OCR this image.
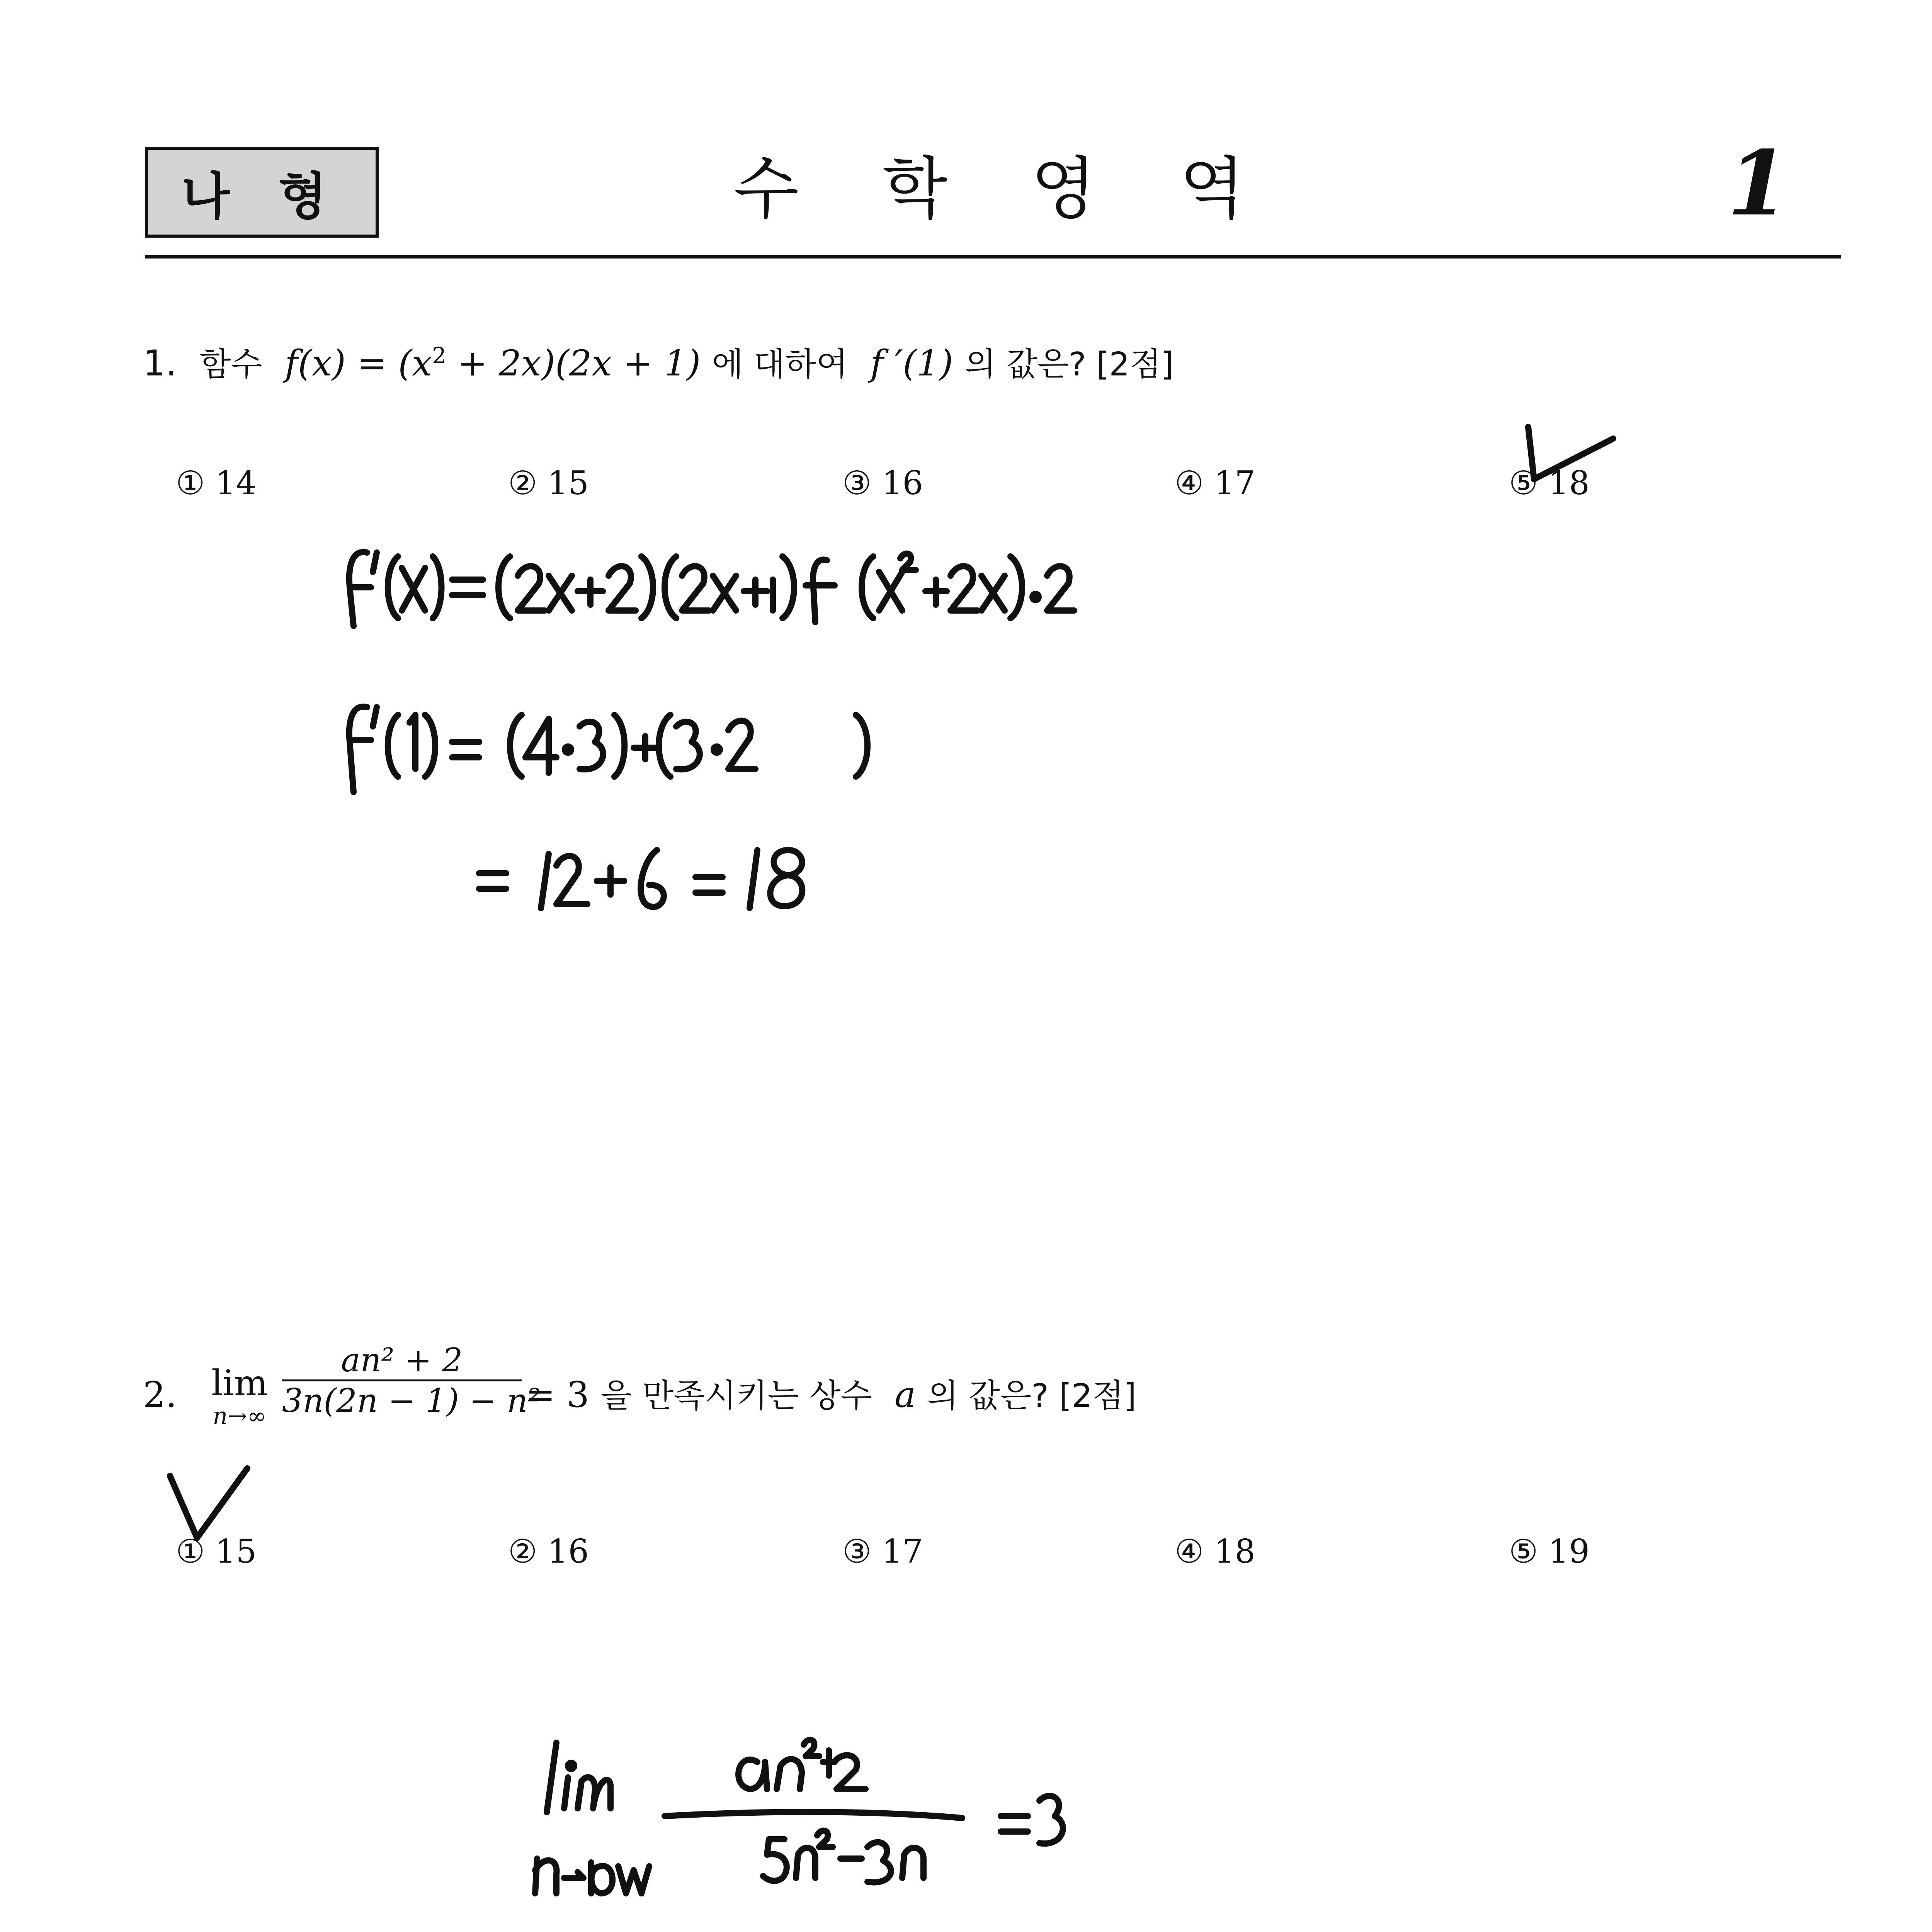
나 형	수 학 영 역	1
1. 함수 $f(x) = (x^2 + 2x)(2x + 1)$ 에 대하여 f ′(1) 의 값은? [2점]
① 14	② 15	③ 16	④ 17	⑤ 18
2. lim
n→∞
an² + 2
3n(2n − 1) − n²
= 3 을 만족시키는 상수 a 의 값은? [2점]
① 15	② 16	③ 17	④ 18	⑤ 19
